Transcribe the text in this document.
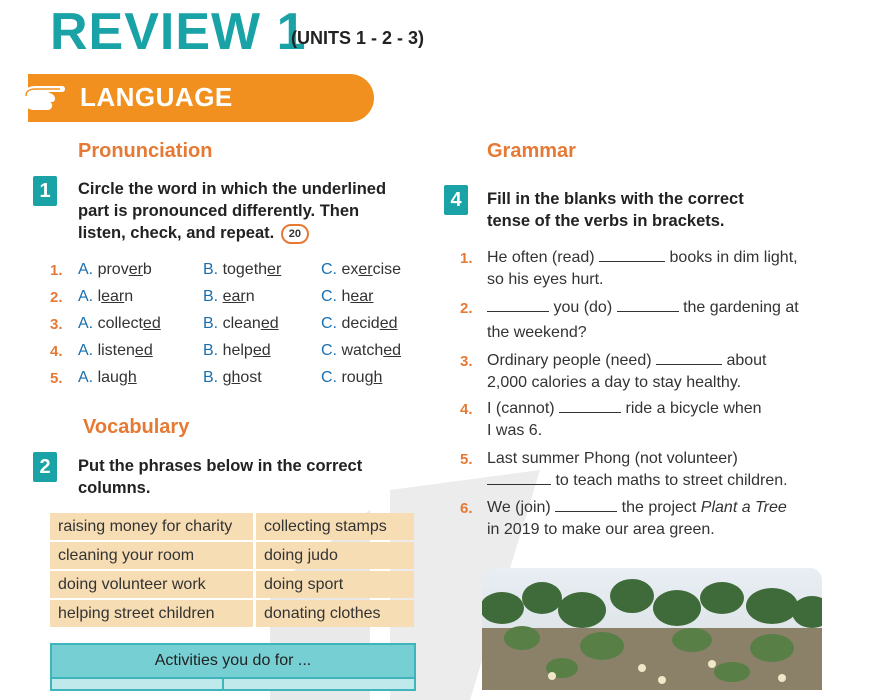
REVIEW 1
(UNITS 1 - 2 - 3)
LANGUAGE
Pronunciation
1	Circle the word in which the underlined
part is pronounced differently. Then
listen, check, and repeat. 20
1. A. proverb	B. together C. exercise
2. A. learn	B. earn	C. hear
3. A. collected	B. cleaned	C. decided
4. A. listened	B. helped	C. watched
5. A. laugh	B. ghost	C. rough
Vocabulary
2	Put the phrases below in the correct
columns.
raising money for charity	collecting stamps
cleaning your room	doing judo
doing volunteer work	doing sport
helping street children	donating clothes
Activities you do for ...
Grammar
4	Fill in the blanks with the correct
tense of the verbs in brackets.
1. He often (read)	books in dim light,
so his eyes hurt.
2.	you (do)	the gardening at

the weekend?
3. Ordinary people (need)	about
2,000 calories a day to stay healthy.
4. I (cannot)	ride a bicycle when
I was 6.
5. Last summer Phong (not volunteer)
to teach maths to street children.
6. We (join)	the project Plant a Tree
in 2019 to make our area green.
